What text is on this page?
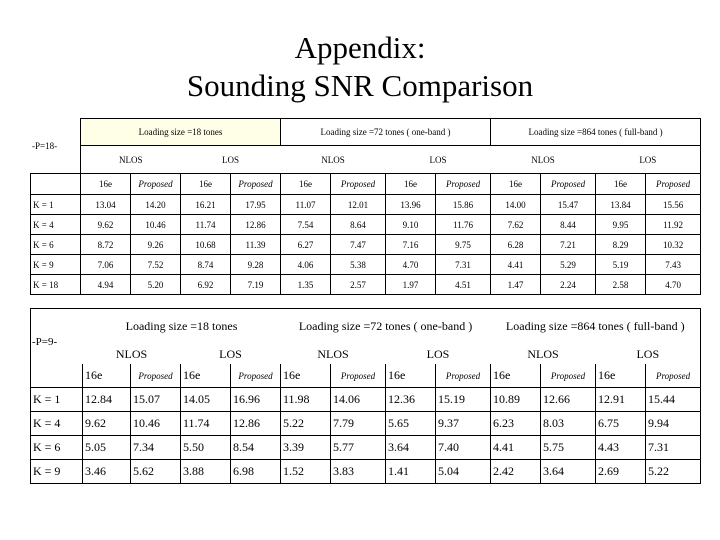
Appendix:
Sounding SNR Comparison
-P=18-
	Loading size =18 tones				Loading size =72 tones ( one-band )				Loading size =864 tones ( full-band )			
	NLOS		LOS		NLOS		LOS		NLOS		LOS	
	16e	Proposed	16e	Proposed	16e	Proposed	16e	Proposed	16e	Proposed	16e	Proposed
K = 1	13.04	14.20	16.21	17.95	11.07	12.01	13.96	15.86	14.00	15.47	13.84	15.56
K = 4	9.62	10.46	11.74	12.86	7.54	8.64	9.10	11.76	7.62	8.44	9.95	11.92
K = 6	8.72	9.26	10.68	11.39	6.27	7.47	7.16	9.75	6.28	7.21	8.29	10.32
K = 9	7.06	7.52	8.74	9.28	4.06	5.38	4.70	7.31	4.41	5.29	5.19	7.43
K = 18	4.94	5.20	6.92	7.19	1.35	2.57	1.97	4.51	1.47	2.24	2.58	4.70
-P=9-
	Loading size =18 tones				Loading size =72 tones ( one-band )				Loading size =864 tones ( full-band )			
	NLOS		LOS		NLOS		LOS		NLOS		LOS	
	16e	Proposed	16e	Proposed	16e	Proposed	16e	Proposed	16e	Proposed	16e	Proposed
K = 1	12.84	15.07	14.05	16.96	11.98	14.06	12.36	15.19	10.89	12.66	12.91	15.44
K = 4	9.62	10.46	11.74	12.86	5.22	7.79	5.65	9.37	6.23	8.03	6.75	9.94
K = 6	5.05	7.34	5.50	8.54	3.39	5.77	3.64	7.40	4.41	5.75	4.43	7.31
K = 9	3.46	5.62	3.88	6.98	1.52	3.83	1.41	5.04	2.42	3.64	2.69	5.22
